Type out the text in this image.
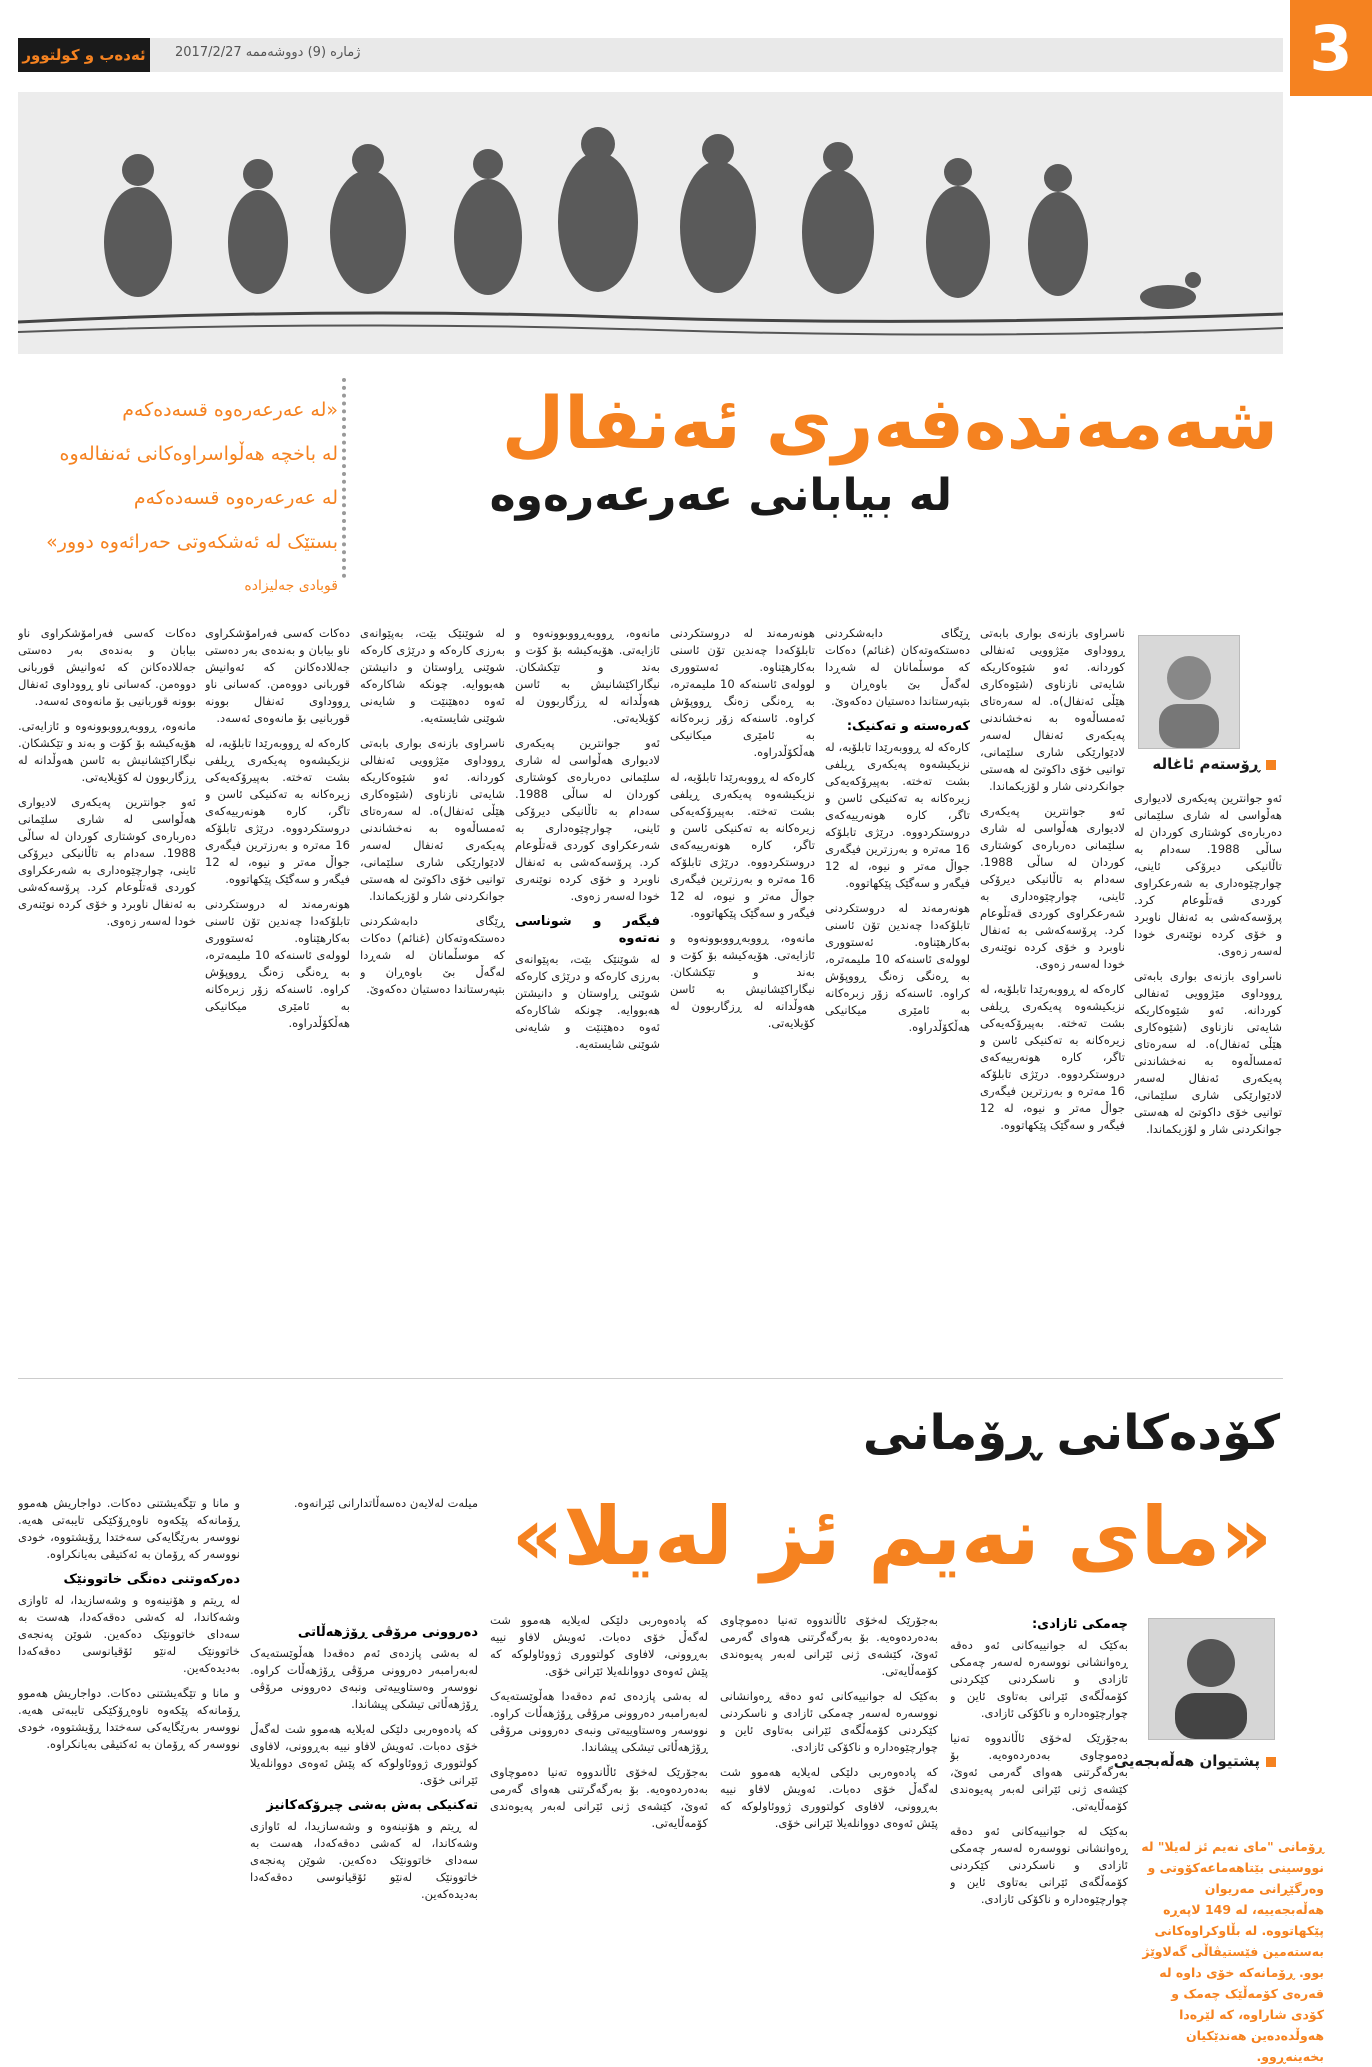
ئەدەب و کولتوور	ژمارە (9) دووشەممە 2017/2/27	3
شەمەندەفەری ئەنفال
لە بیابانی عەرعەرەوە
«لە عەرعەرەوە قسەدەکەم
لە باخچە هەڵواسراوەکانی ئەنفالەوە
لە عەرعەرەوە قسەدەکەم
بستێک لە ئەشکەوتی حەرائەوە دوور»
قوبادی جەلیزادە
ڕۆستەم ئاغالە

ئەو جوانترین پەیکەری لادیواری هەڵواسی لە شاری سلێمانی دەربارەی کوشتاری کوردان لە ساڵی 1988. سەدام بە تاڵانیکی دیرۆکی ئاینی، چوارچێوەداری بە شەرعکراوی کوردی قەتڵوعام کرد. پرۆسەکەشی بە ئەنفال ناوبرد و خۆی کردە نوێنەری خودا لەسەر زەوی.

ناسراوی بازنەی بواری بابەتی ڕووداوی مێژوویی ئەنفالی کوردانە. ئەو شێوەکاریکە شایەتی نازناوی (شێوەکاری هێڵی ئەنفال)ە. لە سەرەتای ئەمساڵەوە بە نەخشاندنی پەیکەری ئەنفال لەسەر لادێوارێکی شاری سلێمانی، توانیی خۆی داکوتێ لە هەستی جوانکردنی شار و لۆزیکماندا.

ناسراوی بازنەی بواری بابەتی ڕووداوی مێژوویی ئەنفالی کوردانە. ئەو شێوەکاریکە شایەتی نازناوی (شێوەکاری هێڵی ئەنفال)ە. لە سەرەتای ئەمساڵەوە بە نەخشاندنی پەیکەری ئەنفال لەسەر لادێوارێکی شاری سلێمانی، توانیی خۆی داکوتێ لە هەستی جوانکردنی شار و لۆزیکماندا.

ئەو جوانترین پەیکەری لادیواری هەڵواسی لە شاری سلێمانی دەربارەی کوشتاری کوردان لە ساڵی 1988. سەدام بە تاڵانیکی دیرۆکی ئاینی، چوارچێوەداری بە شەرعکراوی کوردی قەتڵوعام کرد. پرۆسەکەشی بە ئەنفال ناوبرد و خۆی کردە نوێنەری خودا لەسەر زەوی.

کارەکە لە ڕووبەرێدا تابلۆیە، لە نزیکیشەوە پەیکەری ڕیلفی بشت تەختە. بەپیرۆکەیەکی زیرەکانە بە تەکنیکی ئاسن و تاگر، کارە هونەرییەکەی دروستکردووە. درێژی تابلۆکە 16 مەترە و بەرزترین فیگەری جواڵ مەتر و نیوە، لە 12 فیگەر و سەگێک پێکهاتووە.

ڕێگای دابەشکردنی دەستکەوتەکان (غنائم) دەکات کە موسڵمانان لە شەڕدا لەگەڵ بێ باوەڕان و بتپەرستاندا دەستیان دەکەوێ.

کەرەستە و تەکنیک:

کارەکە لە ڕووبەرێدا تابلۆیە، لە نزیکیشەوە پەیکەری ڕیلفی بشت تەختە. بەپیرۆکەیەکی زیرەکانە بە تەکنیکی ئاسن و تاگر، کارە هونەرییەکەی دروستکردووە. درێژی تابلۆکە 16 مەترە و بەرزترین فیگەری جواڵ مەتر و نیوە، لە 12 فیگەر و سەگێک پێکهاتووە.

هونەرمەند لە دروستکردنی تابلۆکەدا چەندین تۆن ئاسنی بەکارهێناوە. ئەستووری لوولەی ئاسنەکە 10 ملیمەترە، بە ڕەنگی زەنگ ڕووپۆش کراوە. ئاسنەکە زۆر زبرەکانە بە ئامێری میکانیکی هەڵکۆڵدراوە.

هونەرمەند لە دروستکردنی تابلۆکەدا چەندین تۆن ئاسنی بەکارهێناوە. ئەستووری لوولەی ئاسنەکە 10 ملیمەترە، بە ڕەنگی زەنگ ڕووپۆش کراوە. ئاسنەکە زۆر زبرەکانە بە ئامێری میکانیکی هەڵکۆڵدراوە.

کارەکە لە ڕووبەرێدا تابلۆیە، لە نزیکیشەوە پەیکەری ڕیلفی بشت تەختە. بەپیرۆکەیەکی زیرەکانە بە تەکنیکی ئاسن و تاگر، کارە هونەرییەکەی دروستکردووە. درێژی تابلۆکە 16 مەترە و بەرزترین فیگەری جواڵ مەتر و نیوە، لە 12 فیگەر و سەگێک پێکهاتووە.

مانەوە، ڕووبەڕووبوونەوە و ئازایەتی. هۆیەکیشە بۆ کۆت و بەند و تێکشکان. نیگاراکێشانیش بە ئاسن هەوڵدانە لە ڕزگاربوون لە کۆیلایەتی.

مانەوە، ڕووبەڕووبوونەوە و ئازایەتی. هۆیەکیشە بۆ کۆت و بەند و تێکشکان. نیگاراکێشانیش بە ئاسن هەوڵدانە لە ڕزگاربوون لە کۆیلایەتی.

ئەو جوانترین پەیکەری لادیواری هەڵواسی لە شاری سلێمانی دەربارەی کوشتاری کوردان لە ساڵی 1988. سەدام بە تاڵانیکی دیرۆکی ئاینی، چوارچێوەداری بە شەرعکراوی کوردی قەتڵوعام کرد. پرۆسەکەشی بە ئەنفال ناوبرد و خۆی کردە نوێنەری خودا لەسەر زەوی.

فیگەر و شوناسی نەتەوە

لە شوێنێک بێت، بەپێوانەی بەرزی کارەکە و درێژی کارەکە شوێنی ڕاوستان و دانیشتن هەبووایە. چونکە شاکارەکە ئەوە دەهێنێت و شایەنی شوێنی شایستەیە.

لە شوێنێک بێت، بەپێوانەی بەرزی کارەکە و درێژی کارەکە شوێنی ڕاوستان و دانیشتن هەبووایە. چونکە شاکارەکە ئەوە دەهێنێت و شایەنی شوێنی شایستەیە.

ناسراوی بازنەی بواری بابەتی ڕووداوی مێژوویی ئەنفالی کوردانە. ئەو شێوەکاریکە شایەتی نازناوی (شێوەکاری هێڵی ئەنفال)ە. لە سەرەتای ئەمساڵەوە بە نەخشاندنی پەیکەری ئەنفال لەسەر لادێوارێکی شاری سلێمانی، توانیی خۆی داکوتێ لە هەستی جوانکردنی شار و لۆزیکماندا.

ڕێگای دابەشکردنی دەستکەوتەکان (غنائم) دەکات کە موسڵمانان لە شەڕدا لەگەڵ بێ باوەڕان و بتپەرستاندا دەستیان دەکەوێ.

دەکات کەسی فەرامۆشکراوی ناو بیابان و بەندەی بەر دەستی جەللادەکانن کە ئەوانیش قوربانی دووەمن. کەسانی ناو ڕووداوی ئەنفال بوونە قوربانیی بۆ مانەوەی ئەسەد.

کارەکە لە ڕووبەرێدا تابلۆیە، لە نزیکیشەوە پەیکەری ڕیلفی بشت تەختە. بەپیرۆکەیەکی زیرەکانە بە تەکنیکی ئاسن و تاگر، کارە هونەرییەکەی دروستکردووە. درێژی تابلۆکە 16 مەترە و بەرزترین فیگەری جواڵ مەتر و نیوە، لە 12 فیگەر و سەگێک پێکهاتووە.

هونەرمەند لە دروستکردنی تابلۆکەدا چەندین تۆن ئاسنی بەکارهێناوە. ئەستووری لوولەی ئاسنەکە 10 ملیمەترە، بە ڕەنگی زەنگ ڕووپۆش کراوە. ئاسنەکە زۆر زبرەکانە بە ئامێری میکانیکی هەڵکۆڵدراوە.

دەکات کەسی فەرامۆشکراوی ناو بیابان و بەندەی بەر دەستی جەللادەکانن کە ئەوانیش قوربانی دووەمن. کەسانی ناو ڕووداوی ئەنفال بوونە قوربانیی بۆ مانەوەی ئەسەد.

مانەوە، ڕووبەڕووبوونەوە و ئازایەتی. هۆیەکیشە بۆ کۆت و بەند و تێکشکان. نیگاراکێشانیش بە ئاسن هەوڵدانە لە ڕزگاربوون لە کۆیلایەتی.

ئەو جوانترین پەیکەری لادیواری هەڵواسی لە شاری سلێمانی دەربارەی کوشتاری کوردان لە ساڵی 1988. سەدام بە تاڵانیکی دیرۆکی ئاینی، چوارچێوەداری بە شەرعکراوی کوردی قەتڵوعام کرد. پرۆسەکەشی بە ئەنفال ناوبرد و خۆی کردە نوێنەری خودا لەسەر زەوی.

کۆدەکانی ڕۆمانی
«مای نەیم ئز لەیلا»
پشتیوان هەڵەبجەیی
ڕۆمانی "مای نەیم ئز لەیلا" لە نووسینی بێتاهەماعەکۆوتی و وەرگێڕانی مەریوان هەڵەبجەییە، لە 149 لاپەڕە پێکهاتووە. لە بڵاوکراوەکانی بەستەمین فێستیڤاڵی گەلاوێژ بوو. ڕۆمانەکە خۆی داوە لە قەرەی کۆمەڵێک چەمک و کۆدی شاراوە، کە لێرەدا هەوڵدەدەین هەندێکیان بخەینەڕوو.
چەمکی ئازادی:

بەکێک لە جوانییەکانی ئەو دەقە ڕەوانشانی نووسەرە لەسەر چەمکی ئازادی و ناسکردنی کێکردنی کۆمەڵگەی ئێرانی بەتاوی ئاین و چوارچێوەدارە و ناکۆکی ئازادی.

بەجۆرێک لەخۆی ئاڵاندووە تەنیا دەموچاوی بەدەردەوەیە. بۆ بەرگەگرتنی هەوای گەرمی ئەوێ، کێشەی ژنی ئێرانی لەبەر پەیوەندی کۆمەڵایەتی.

بەکێک لە جوانییەکانی ئەو دەقە ڕەوانشانی نووسەرە لەسەر چەمکی ئازادی و ناسکردنی کێکردنی کۆمەڵگەی ئێرانی بەتاوی ئاین و چوارچێوەدارە و ناکۆکی ئازادی.

بەجۆرێک لەخۆی ئاڵاندووە تەنیا دەموچاوی بەدەردەوەیە. بۆ بەرگەگرتنی هەوای گەرمی ئەوێ، کێشەی ژنی ئێرانی لەبەر پەیوەندی کۆمەڵایەتی.

بەکێک لە جوانییەکانی ئەو دەقە ڕەوانشانی نووسەرە لەسەر چەمکی ئازادی و ناسکردنی کێکردنی کۆمەڵگەی ئێرانی بەتاوی ئاین و چوارچێوەدارە و ناکۆکی ئازادی.

کە پادەوەربی دلێکی لەیلایە هەموو شت لەگەڵ خۆی دەبات. ئەویش لافاو نییە بەڕوونی، لافاوی کولتووری ژووئاولوکە کە پێش ئەوەی دووانلەیلا ئێرانی خۆی.

کە پادەوەربی دلێکی لەیلایە هەموو شت لەگەڵ خۆی دەبات. ئەویش لافاو نییە بەڕوونی، لافاوی کولتووری ژووئاولوکە کە پێش ئەوەی دووانلەیلا ئێرانی خۆی.

لە بەشی پازدەی ئەم دەقەدا هەڵوێستەیەک لەبەرامبەر دەروونی مرۆڤی ڕۆژهەڵات کراوە. نووسەر وەستاوییەتی ونبەی دەروونی مرۆڤی ڕۆژهەڵاتی تیشکی پیشاندا.

بەجۆرێک لەخۆی ئاڵاندووە تەنیا دەموچاوی بەدەردەوەیە. بۆ بەرگەگرتنی هەوای گەرمی ئەوێ، کێشەی ژنی ئێرانی لەبەر پەیوەندی کۆمەڵایەتی.

میلەت لەلایەن دەسەڵاتدارانی ئێرانەوە.

دەروونی مرۆڤی ڕۆژهەڵاتی

لە بەشی پازدەی ئەم دەقەدا هەڵوێستەیەک لەبەرامبەر دەروونی مرۆڤی ڕۆژهەڵات کراوە. نووسەر وەستاوییەتی ونبەی دەروونی مرۆڤی ڕۆژهەڵاتی تیشکی پیشاندا.

کە پادەوەربی دلێکی لەیلایە هەموو شت لەگەڵ خۆی دەبات. ئەویش لافاو نییە بەڕوونی، لافاوی کولتووری ژووئاولوکە کە پێش ئەوەی دووانلەیلا ئێرانی خۆی.

تەکنیکی بەش بەشی چیرۆکەکانیز

لە ڕیتم و هۆنینەوە و وشەسازیدا، لە ئاوازی وشەکاندا، لە کەشی دەقەکەدا، هەست بە سەدای خاتوونێک دەکەین. شوێن پەنجەی خاتوونێک لەنێو ئۆقیانوسی دەقەکەدا بەدیدەکەین.

و مانا و تێگەیشتنی دەکات. دواجاریش هەموو ڕۆمانەکە پێکەوە ناوەڕۆکێکی تایبەتی هەیە. نووسەر بەرێگایەکی سەختدا ڕۆیشتووە، خودی نووسەر کە ڕۆمان بە ئەکتیڤی بەیانکراوە.

دەرکەوتنی دەنگی خاتوونێک

لە ڕیتم و هۆنینەوە و وشەسازیدا، لە ئاوازی وشەکاندا، لە کەشی دەقەکەدا، هەست بە سەدای خاتوونێک دەکەین. شوێن پەنجەی خاتوونێک لەنێو ئۆقیانوسی دەقەکەدا بەدیدەکەین.

و مانا و تێگەیشتنی دەکات. دواجاریش هەموو ڕۆمانەکە پێکەوە ناوەڕۆکێکی تایبەتی هەیە. نووسەر بەرێگایەکی سەختدا ڕۆیشتووە، خودی نووسەر کە ڕۆمان بە ئەکتیڤی بەیانکراوە.
